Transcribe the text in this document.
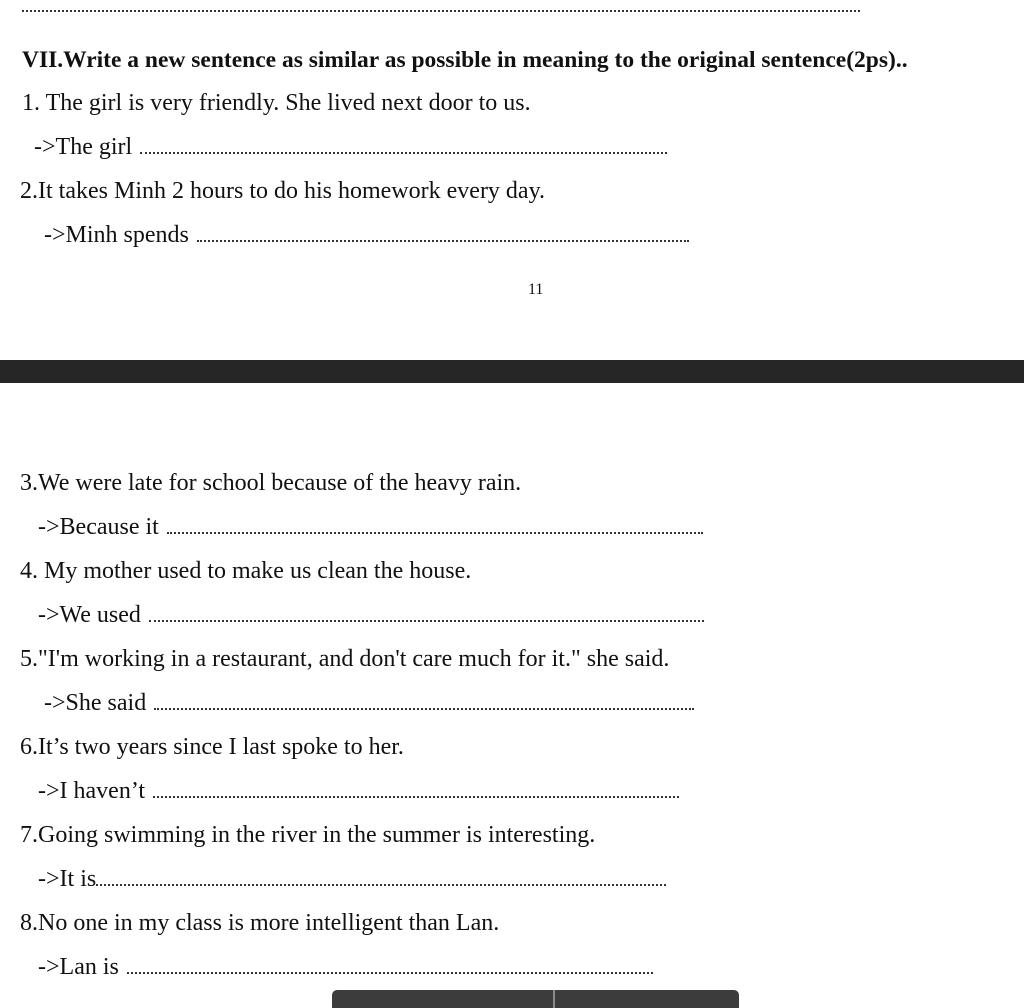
VII.Write a new sentence as similar as possible in meaning to the original sentence(2ps)..
1. The girl is very friendly. She lived next door to us.
->The girl
2.It takes Minh 2 hours to do his homework every day.
->Minh spends
11
3.We were late for school because of the heavy rain.
->Because it
4. My mother used to make us clean the house.
->We used
5."I'm working in a restaurant, and don't care much for it." she said.
->She said
6.It’s two years since I last spoke to her.
->I haven’t
7.Going swimming in the river in the summer is interesting.
->It is
8.No one in my class is more intelligent than Lan.
->Lan is
